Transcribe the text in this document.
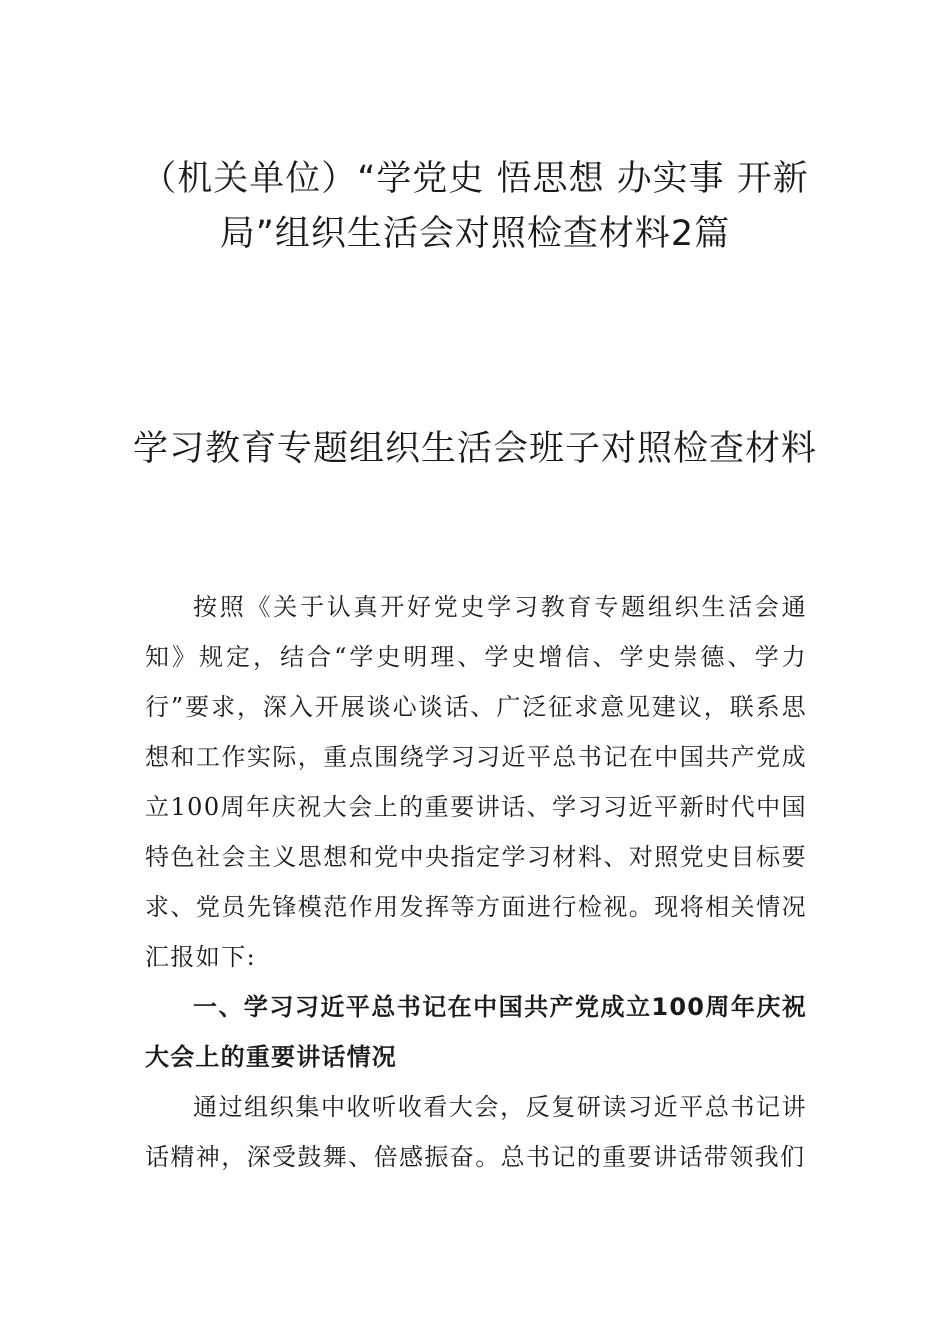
（机关单位）“学党史 悟思想 办实事 开新局”组织生活会对照检查材料2篇
学习教育专题组织生活会班子对照检查材料

按照《关于认真开好党史学习教育专题组织生活会通知》规定，结合“学史明理、学史增信、学史崇德、学力行”要求，深入开展谈心谈话、广泛征求意见建议，联系思想和工作实际，重点围绕学习习近平总书记在中国共产党成立100周年庆祝大会上的重要讲话、学习习近平新时代中国特色社会主义思想和党中央指定学习材料、对照党史目标要求、党员先锋模范作用发挥等方面进行检视。现将相关情况汇报如下:

一、学习习近平总书记在中国共产党成立100周年庆祝大会上的重要讲话情况

通过组织集中收听收看大会，反复研读习近平总书记讲话精神，深受鼓舞、倍感振奋。总书记的重要讲话带领我们
